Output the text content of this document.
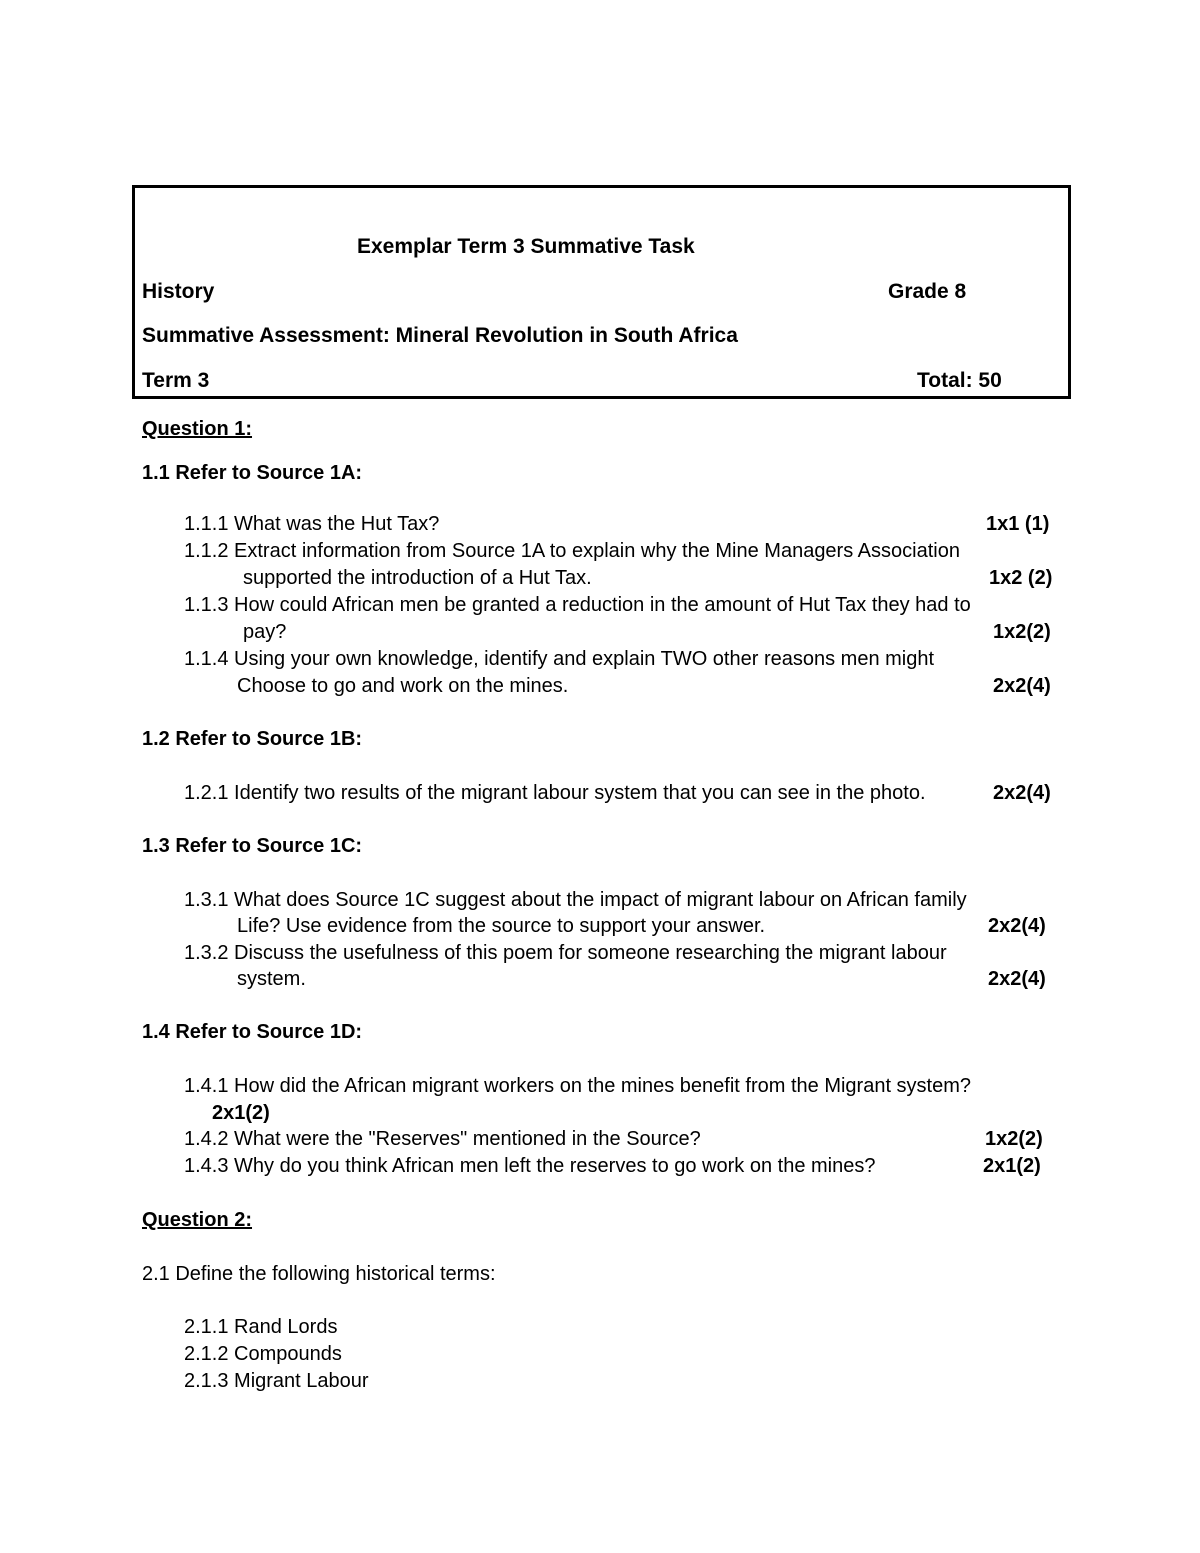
Exemplar Term 3 Summative Task
History	Grade 8
Summative Assessment: Mineral Revolution in South Africa
Term 3	Total: 50
Question 1:
1.1 Refer to Source 1A:
1.1.1 What was the Hut Tax?	1x1 (1)
1.1.2 Extract information from Source 1A to explain why the Mine Managers Association
supported the introduction of a Hut Tax.	1x2 (2)
1.1.3 How could African men be granted a reduction in the amount of Hut Tax they had to
pay?	1x2(2)
1.1.4 Using your own knowledge, identify and explain TWO other reasons men might
Choose to go and work on the mines.	2x2(4)
1.2 Refer to Source 1B:
1.2.1 Identify two results of the migrant labour system that you can see in the photo.	2x2(4)
1.3 Refer to Source 1C:
1.3.1 What does Source 1C suggest about the impact of migrant labour on African family
Life? Use evidence from the source to support your answer.	2x2(4)
1.3.2 Discuss the usefulness of this poem for someone researching the migrant labour
system.	2x2(4)
1.4 Refer to Source 1D:
1.4.1 How did the African migrant workers on the mines benefit from the Migrant system?
2x1(2)
1.4.2 What were the "Reserves" mentioned in the Source?	1x2(2)
1.4.3 Why do you think African men left the reserves to go work on the mines?	2x1(2)
Question 2:
2.1 Define the following historical terms:
2.1.1 Rand Lords
2.1.2 Compounds
2.1.3 Migrant Labour
